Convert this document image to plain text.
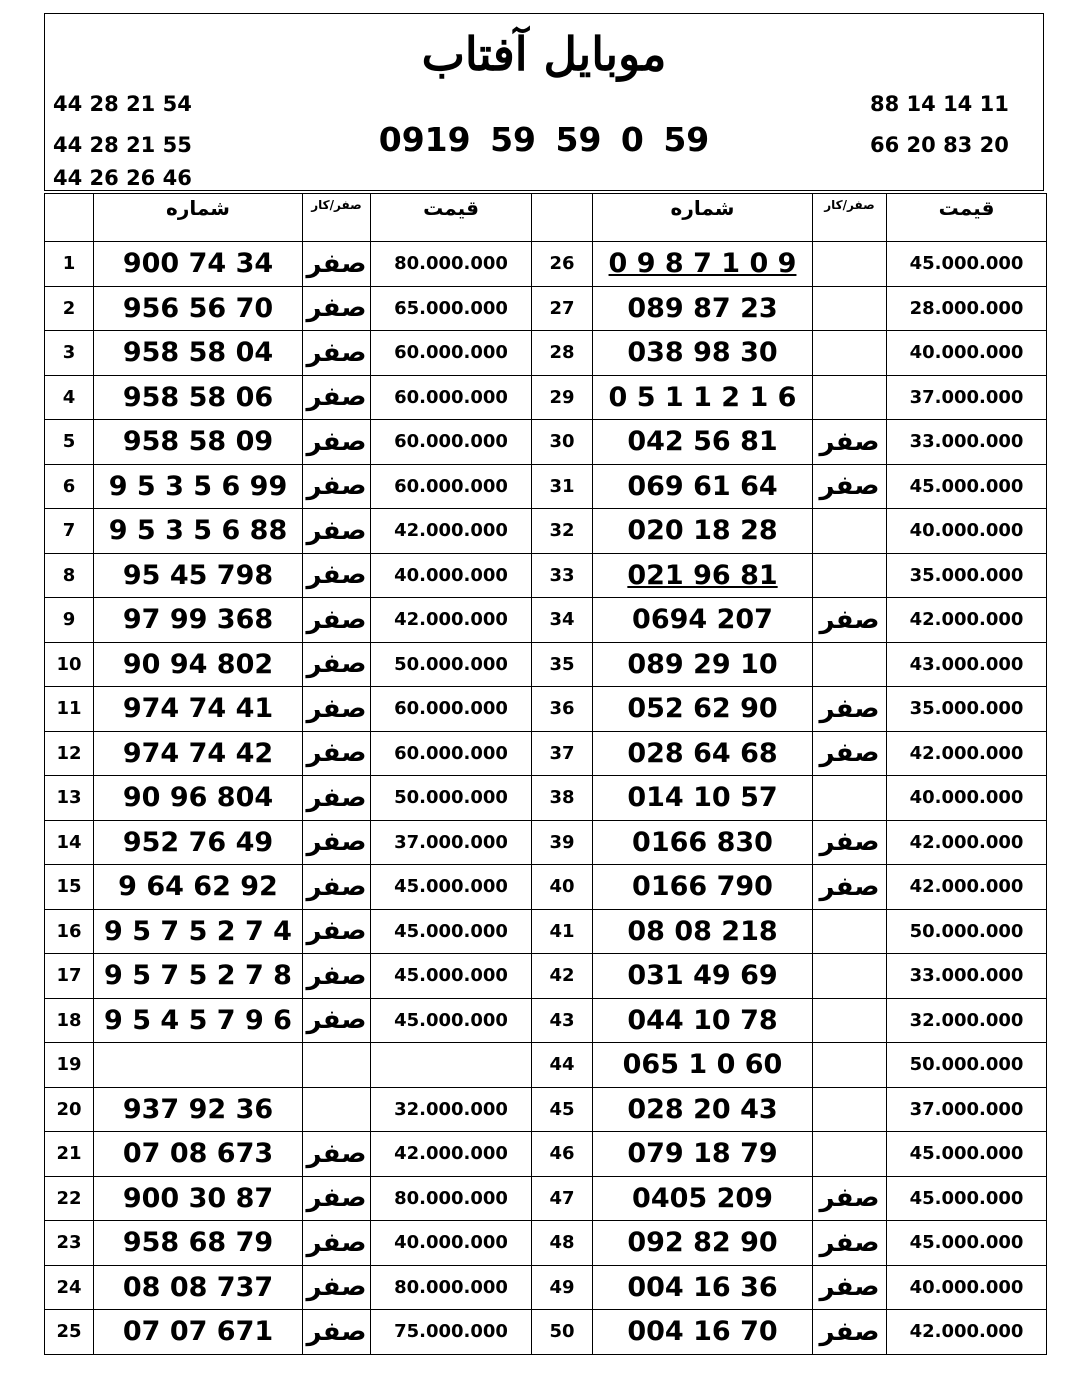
موبایل آفتاب
44 28 21 54
44 28 21 55
44 26 26 46
88 14 14 11
66 20 83 20
0919 59 59 0 59
	شماره	صفر/کار	قیمت		شماره	صفر/کار	قیمت
1	900 74 34	صفر	80.000.000	26	0 9 8 7 1 0 9		45.000.000
2	956 56 70	صفر	65.000.000	27	089 87 23		28.000.000
3	958 58 04	صفر	60.000.000	28	038 98 30		40.000.000
4	958 58 06	صفر	60.000.000	29	0 5 1 1 2 1 6		37.000.000
5	958 58 09	صفر	60.000.000	30	042 56 81	صفر	33.000.000
6	9 5 3 5 6 99	صفر	60.000.000	31	069 61 64	صفر	45.000.000
7	9 5 3 5 6 88	صفر	42.000.000	32	020 18 28		40.000.000
8	95 45 798	صفر	40.000.000	33	021 96 81		35.000.000
9	97 99 368	صفر	42.000.000	34	0694 207	صفر	42.000.000
10	90 94 802	صفر	50.000.000	35	089 29 10		43.000.000
11	974 74 41	صفر	60.000.000	36	052 62 90	صفر	35.000.000
12	974 74 42	صفر	60.000.000	37	028 64 68	صفر	42.000.000
13	90 96 804	صفر	50.000.000	38	014 10 57		40.000.000
14	952 76 49	صفر	37.000.000	39	0166 830	صفر	42.000.000
15	9 64 62 92	صفر	45.000.000	40	0166 790	صفر	42.000.000
16	9 5 7 5 2 7 4	صفر	45.000.000	41	08 08 218		50.000.000
17	9 5 7 5 2 7 8	صفر	45.000.000	42	031 49 69		33.000.000
18	9 5 4 5 7 9 6	صفر	45.000.000	43	044 10 78		32.000.000
19				44	065 1 0 60		50.000.000
20	937 92 36		32.000.000	45	028 20 43		37.000.000
21	07 08 673	صفر	42.000.000	46	079 18 79		45.000.000
22	900 30 87	صفر	80.000.000	47	0405 209	صفر	45.000.000
23	958 68 79	صفر	40.000.000	48	092 82 90	صفر	45.000.000
24	08 08 737	صفر	80.000.000	49	004 16 36	صفر	40.000.000
25	07 07 671	صفر	75.000.000	50	004 16 70	صفر	42.000.000
